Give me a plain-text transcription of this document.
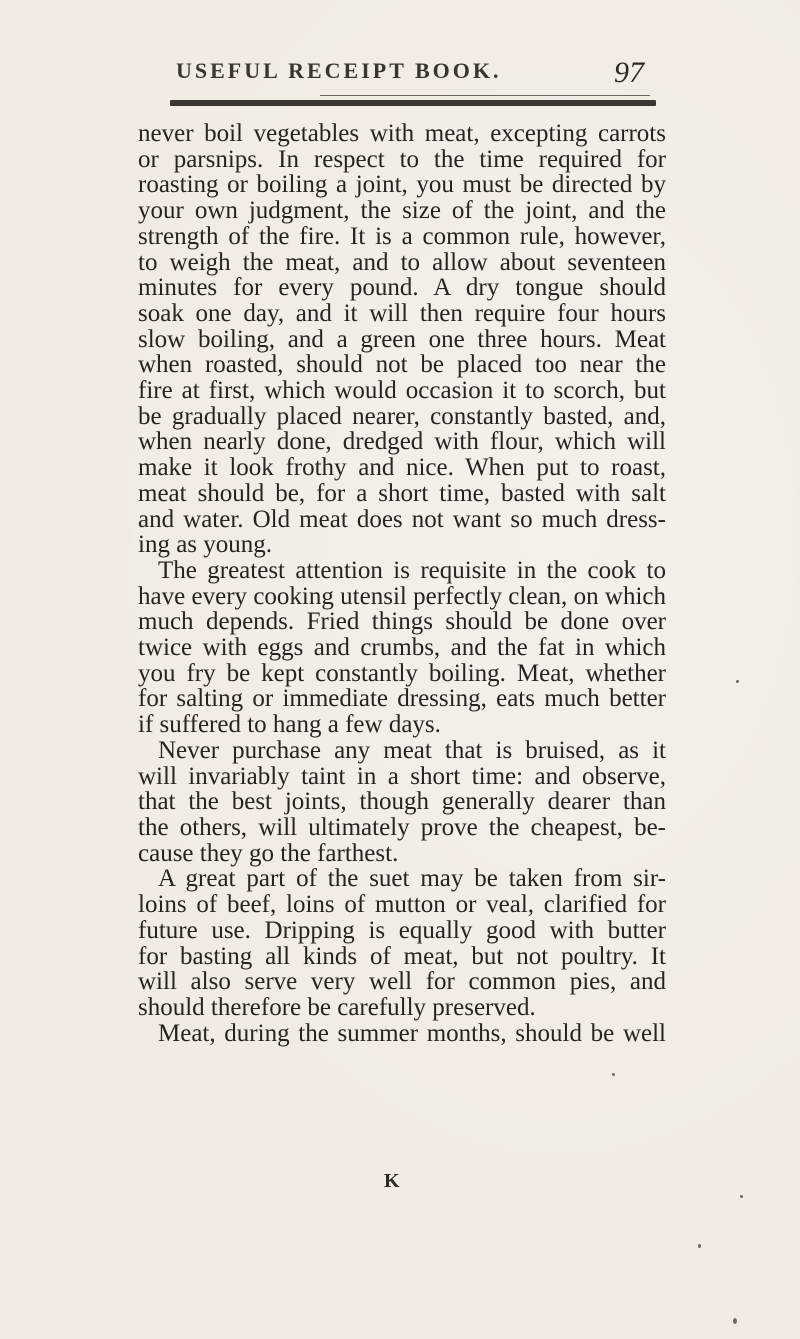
USEFUL RECEIPT BOOK.	97
never boil vegetables with meat, excepting carrots
or parsnips. In respect to the time required for
roasting or boiling a joint, you must be directed by
your own judgment, the size of the joint, and the
strength of the fire. It is a common rule, however,
to weigh the meat, and to allow about seventeen
minutes for every pound. A dry tongue should
soak one day, and it will then require four hours
slow boiling, and a green one three hours. Meat
when roasted, should not be placed too near the
fire at first, which would occasion it to scorch, but
be gradually placed nearer, constantly basted, and,
when nearly done, dredged with flour, which will
make it look frothy and nice. When put to roast,
meat should be, for a short time, basted with salt
and water. Old meat does not want so much dress-
ing as young.
The greatest attention is requisite in the cook to
have every cooking utensil perfectly clean, on which
much depends. Fried things should be done over
twice with eggs and crumbs, and the fat in which
you fry be kept constantly boiling. Meat, whether
for salting or immediate dressing, eats much better
if suffered to hang a few days.
Never purchase any meat that is bruised, as it
will invariably taint in a short time: and observe,
that the best joints, though generally dearer than
the others, will ultimately prove the cheapest, be-
cause they go the farthest.
A great part of the suet may be taken from sir-
loins of beef, loins of mutton or veal, clarified for
future use. Dripping is equally good with butter
for basting all kinds of meat, but not poultry. It
will also serve very well for common pies, and
should therefore be carefully preserved.
Meat, during the summer months, should be well
K
